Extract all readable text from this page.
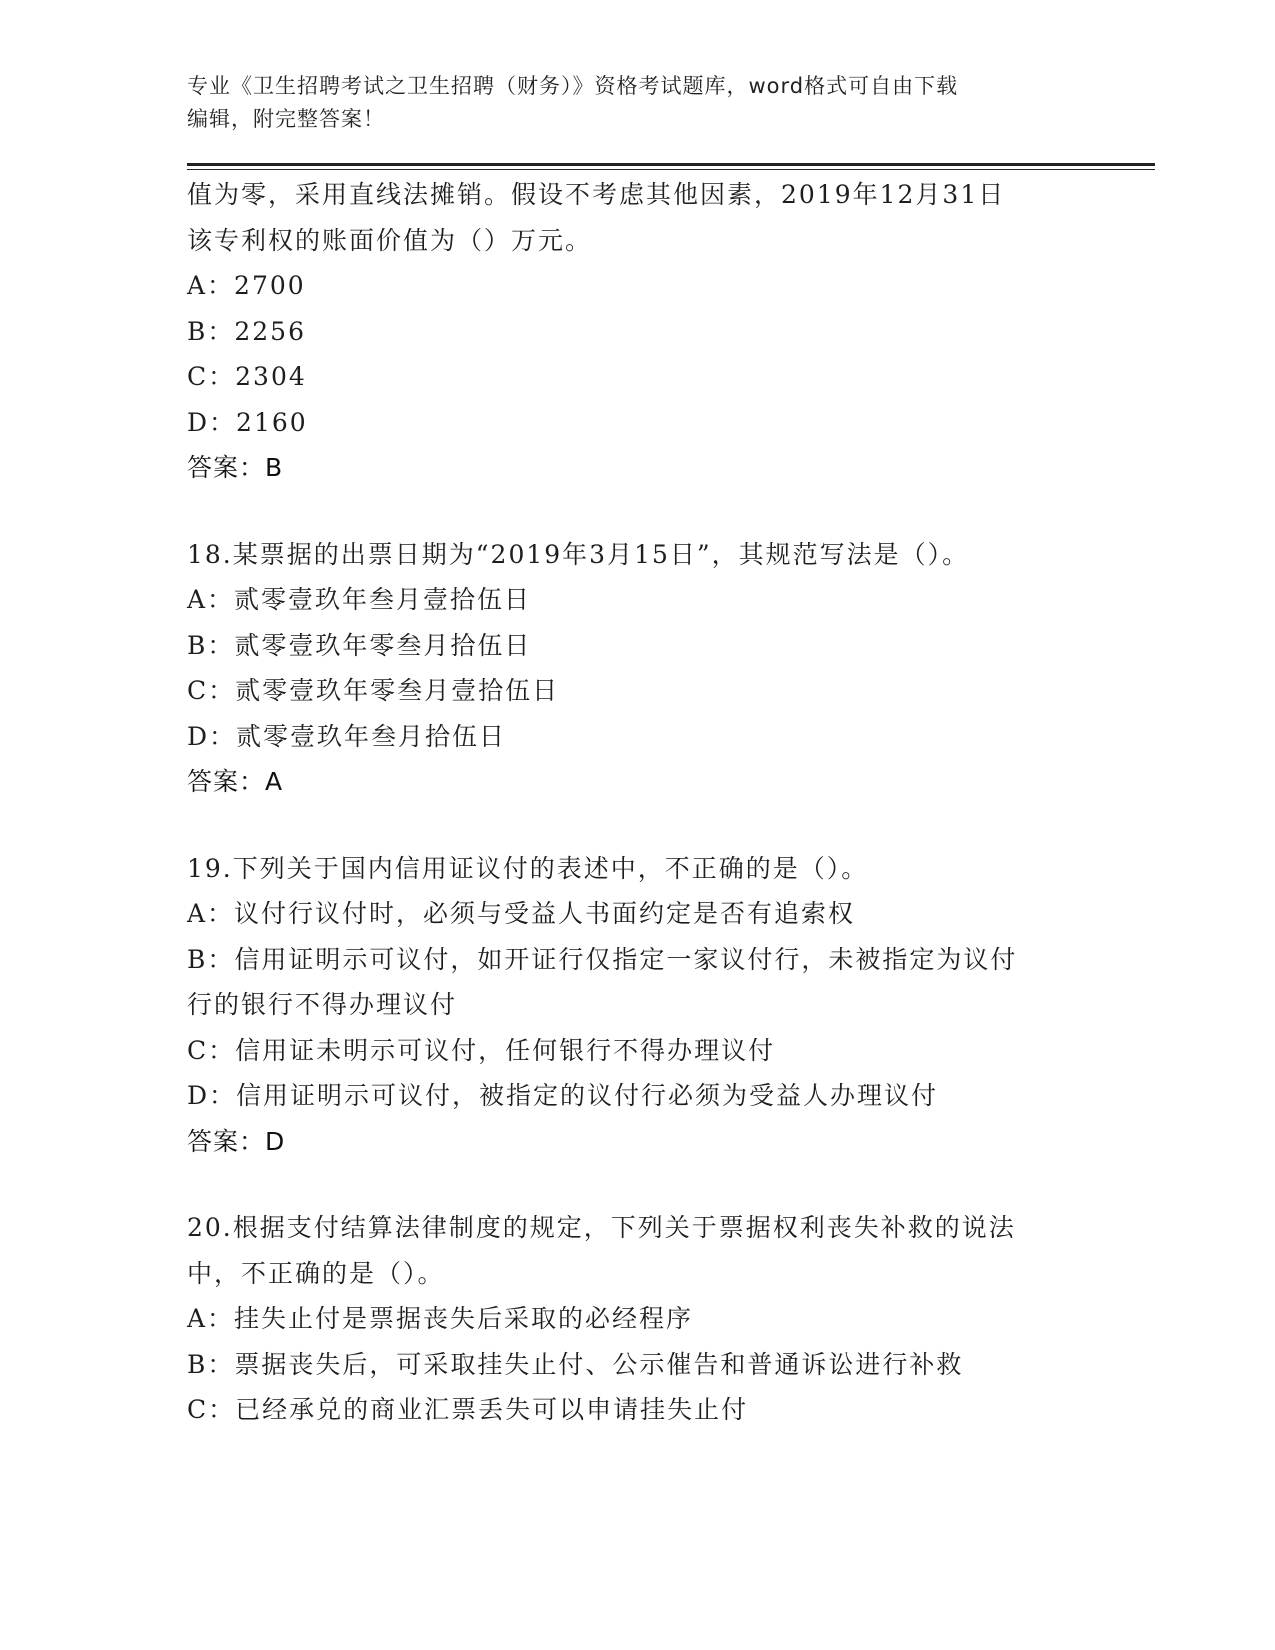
专业《卫生招聘考试之卫生招聘（财务）》资格考试题库，word格式可自由下载
编辑，附完整答案！
值为零，采用直线法摊销。假设不考虑其他因素，2019年12月31日
该专利权的账面价值为（）万元。
A：2700
B：2256
C：2304
D：2160
答案：B
18.某票据的出票日期为“2019年3月15日”，其规范写法是（）。
A：贰零壹玖年叁月壹拾伍日
B：贰零壹玖年零叁月拾伍日
C：贰零壹玖年零叁月壹拾伍日
D：贰零壹玖年叁月拾伍日
答案：A
19.下列关于国内信用证议付的表述中，不正确的是（）。
A：议付行议付时，必须与受益人书面约定是否有追索权
B：信用证明示可议付，如开证行仅指定一家议付行，未被指定为议付
行的银行不得办理议付
C：信用证未明示可议付，任何银行不得办理议付
D：信用证明示可议付，被指定的议付行必须为受益人办理议付
答案：D
20.根据支付结算法律制度的规定，下列关于票据权利丧失补救的说法
中，不正确的是（）。
A：挂失止付是票据丧失后采取的必经程序
B：票据丧失后，可采取挂失止付、公示催告和普通诉讼进行补救
C：已经承兑的商业汇票丢失可以申请挂失止付
